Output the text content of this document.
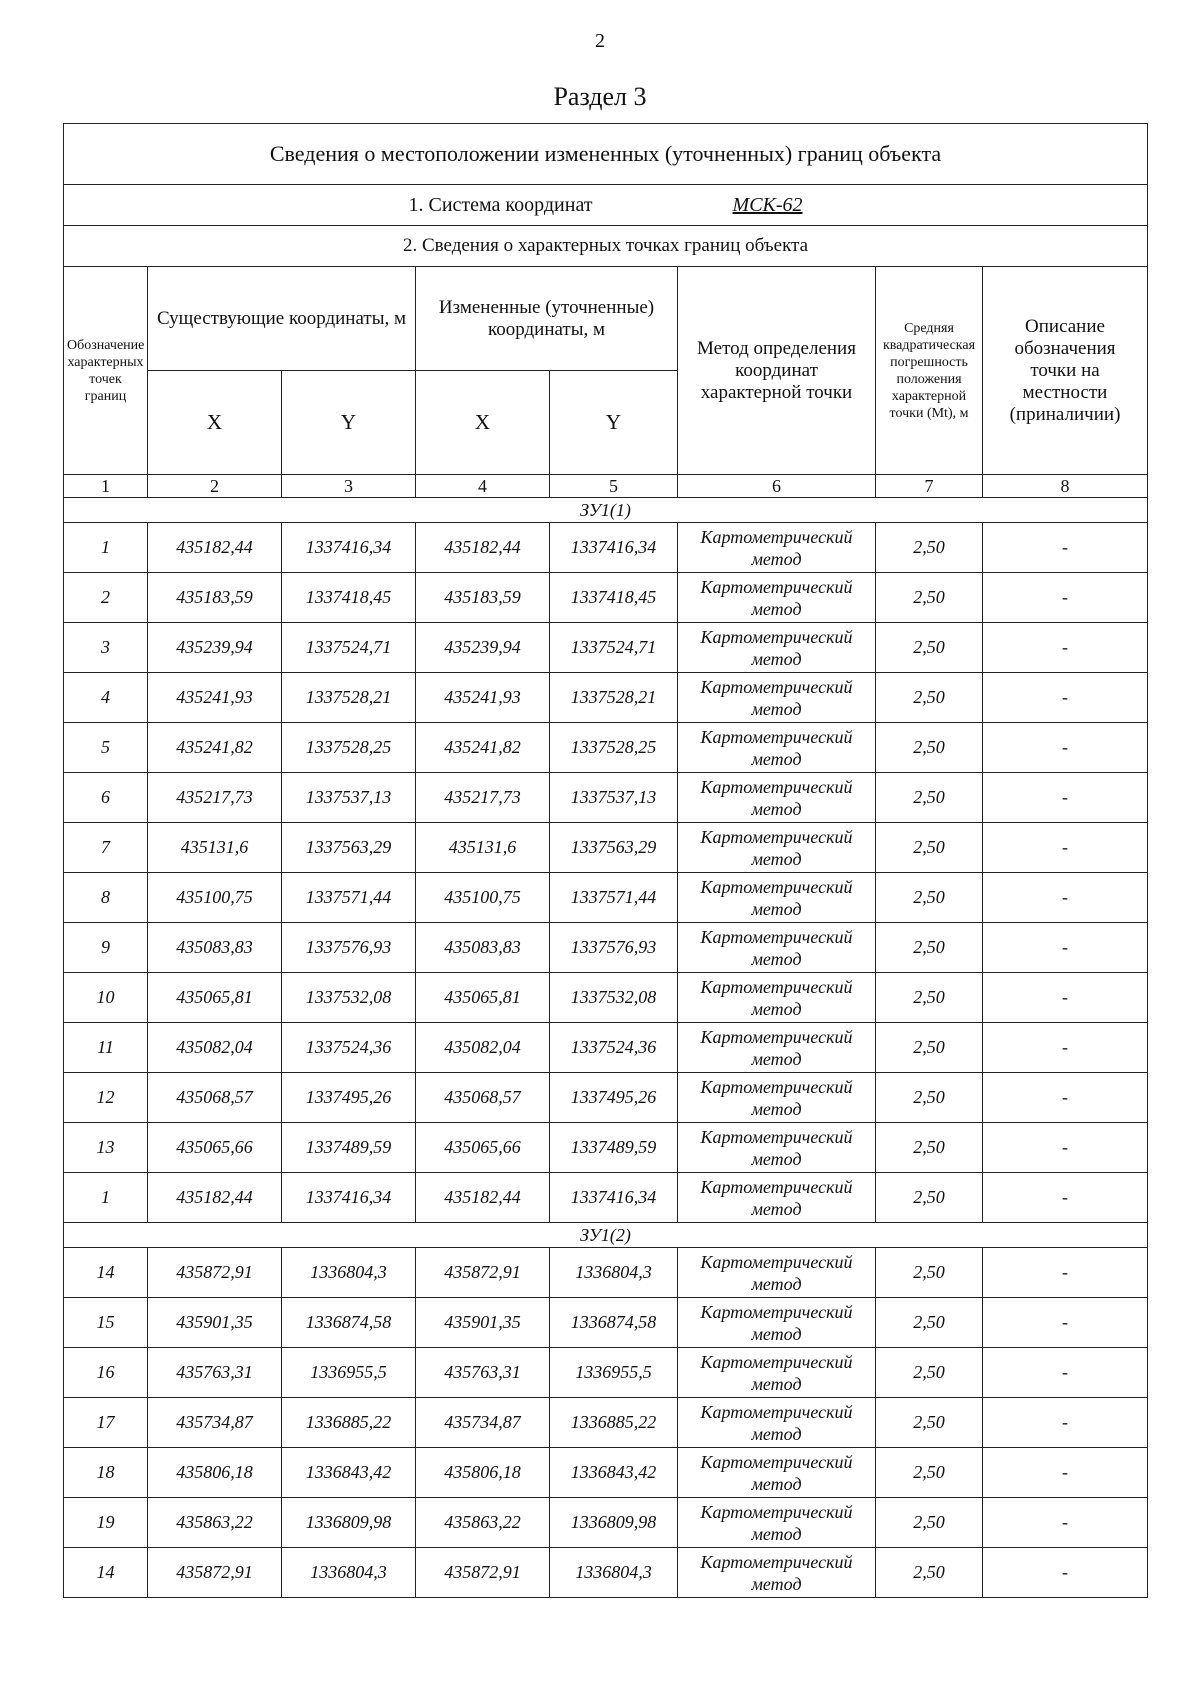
2
Раздел 3
Сведения о местоположении измененных (уточненных) границ объекта							
1. Система координат МСК-62							
2. Сведения о характерных точках границ объекта							

Обозначение характерных точек границ	Существующие координаты, м		Измененные (уточненные) координаты, м		Метод определения координат характерной точки	Средняя квадратическая погрешность положения характерной точки (Mt), м	Описание обозначения точки на местности (приналичии)

	X	Y	X	Y			
1	2	3	4	5	6	7	8
ЗУ1(1)							
1	435182,44	1337416,34	435182,44	1337416,34	Картометрический метод	2,50	-
2	435183,59	1337418,45	435183,59	1337418,45	Картометрический метод	2,50	-
3	435239,94	1337524,71	435239,94	1337524,71	Картометрический метод	2,50	-
4	435241,93	1337528,21	435241,93	1337528,21	Картометрический метод	2,50	-
5	435241,82	1337528,25	435241,82	1337528,25	Картометрический метод	2,50	-
6	435217,73	1337537,13	435217,73	1337537,13	Картометрический метод	2,50	-
7	435131,6	1337563,29	435131,6	1337563,29	Картометрический метод	2,50	-
8	435100,75	1337571,44	435100,75	1337571,44	Картометрический метод	2,50	-
9	435083,83	1337576,93	435083,83	1337576,93	Картометрический метод	2,50	-
10	435065,81	1337532,08	435065,81	1337532,08	Картометрический метод	2,50	-
11	435082,04	1337524,36	435082,04	1337524,36	Картометрический метод	2,50	-
12	435068,57	1337495,26	435068,57	1337495,26	Картометрический метод	2,50	-
13	435065,66	1337489,59	435065,66	1337489,59	Картометрический метод	2,50	-
1	435182,44	1337416,34	435182,44	1337416,34	Картометрический метод	2,50	-
ЗУ1(2)							
14	435872,91	1336804,3	435872,91	1336804,3	Картометрический метод	2,50	-
15	435901,35	1336874,58	435901,35	1336874,58	Картометрический метод	2,50	-
16	435763,31	1336955,5	435763,31	1336955,5	Картометрический метод	2,50	-
17	435734,87	1336885,22	435734,87	1336885,22	Картометрический метод	2,50	-
18	435806,18	1336843,42	435806,18	1336843,42	Картометрический метод	2,50	-
19	435863,22	1336809,98	435863,22	1336809,98	Картометрический метод	2,50	-
14	435872,91	1336804,3	435872,91	1336804,3	Картометрический метод	2,50	-
